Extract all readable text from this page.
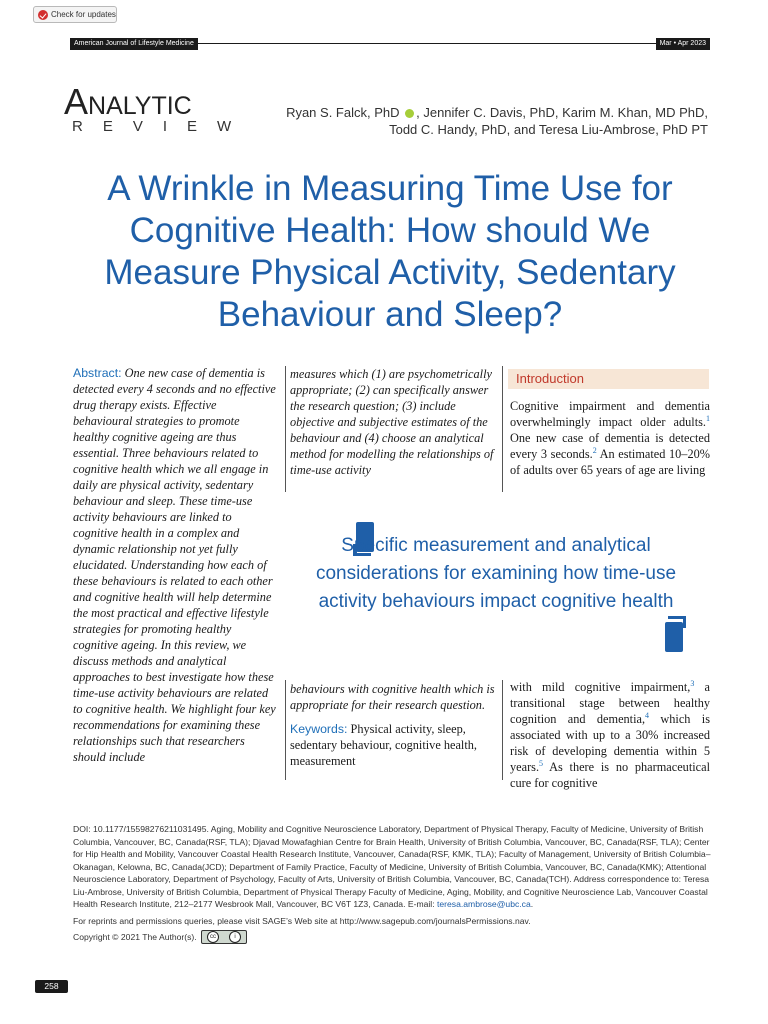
Check for updates
American Journal of Lifestyle Medicine	Mar • Apr 2023
Analytic
REVIEW
Ryan S. Falck, PhD , Jennifer C. Davis, PhD, Karim M. Khan, MD PhD,
Todd C. Handy, PhD, and Teresa Liu-Ambrose, PhD PT
A Wrinkle in Measuring Time Use for Cognitive Health: How should We Measure Physical Activity, Sedentary Behaviour and Sleep?
Abstract: One new case of dementia is detected every 4 seconds and no effective drug therapy exists. Effective behavioural strategies to promote healthy cognitive ageing are thus essential. Three behaviours related to cognitive health which we all engage in daily are physical activity, sedentary behaviour and sleep. These time-use activity behaviours are linked to cognitive health in a complex and dynamic relationship not yet fully elucidated. Understanding how each of these behaviours is related to each other and cognitive health will help determine the most practical and effective lifestyle strategies for promoting healthy cognitive ageing. In this review, we discuss methods and analytical approaches to best investigate how these time-use activity behaviours are related to cognitive health. We highlight four key recommendations for examining these relationships such that researchers should include
measures which (1) are psychometrically appropriate; (2) can specifically answer the research question; (3) include objective and subjective estimates of the behaviour and (4) choose an analytical method for modelling the relationships of time-use activity
Introduction
Cognitive impairment and dementia overwhelmingly impact older adults.$^1$ One new case of dementia is detected every 3 seconds.$^2$ An estimated 10–20% of adults over 65 years of age are living
Specific measurement and analytical considerations for examining how time-use activity behaviours impact cognitive health
behaviours with cognitive health which is appropriate for their research question.
Keywords: Physical activity, sleep, sedentary behaviour, cognitive health, measurement
with mild cognitive impairment,$^3$ a transitional stage between healthy cognition and dementia,$^4$ which is associated with up to a 30% increased risk of developing dementia within 5 years.$^5$ As there is no pharmaceutical cure for cognitive
DOI: 10.1177/15598276211031495. Aging, Mobility and Cognitive Neuroscience Laboratory, Department of Physical Therapy, Faculty of Medicine, University of British Columbia, Vancouver, BC, Canada(RSF, TLA); Djavad Mowafaghian Centre for Brain Health, University of British Columbia, Vancouver, BC, Canada(RSF, TLA); Center for Hip Health and Mobility, Vancouver Coastal Health Research Institute, Vancouver, Canada(RSF, KMK, TLA); Faculty of Management, University of British Columbia–Okanagan, Kelowna, BC, Canada(JCD); Department of Family Practice, Faculty of Medicine, University of British Columbia, Vancouver, BC, Canada(KMK); Attentional Neuroscience Laboratory, Department of Psychology, Faculty of Arts, University of British Columbia, Vancouver, BC, Canada(TCH). Address correspondence to: Teresa Liu-Ambrose, University of British Columbia, Department of Physical Therapy Faculty of Medicine, Aging, Mobility, and Cognitive Neuroscience Lab, Vancouver Coastal Health Research Institute, 212–2177 Wesbrook Mall, Vancouver, BC V6T 1Z3, Canada. E-mail: teresa.ambrose@ubc.ca.
For reprints and permissions queries, please visit SAGE’s Web site at http://www.sagepub.com/journalsPermissions.nav.
Copyright © 2021 The Author(s).	cc	i
258
